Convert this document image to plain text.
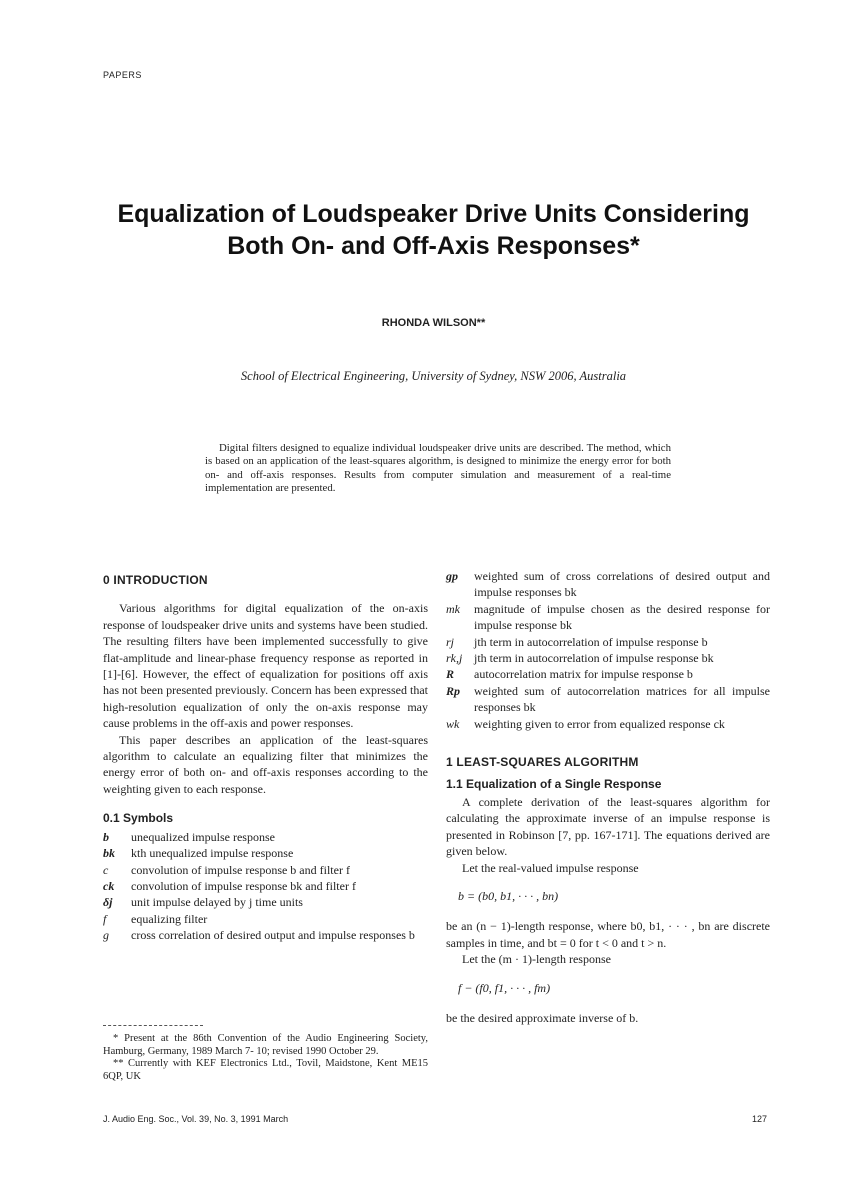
PAPERS
Equalization of Loudspeaker Drive Units Considering
Both On- and Off-Axis Responses*
RHONDA WILSON**
School of Electrical Engineering, University of Sydney, NSW 2006, Australia
Digital filters designed to equalize individual loudspeaker drive units are described. The method, which is based on an application of the least-squares algorithm, is designed to minimize the energy error for both on- and off-axis responses. Results from computer simulation and measurement of a real-time implementation are presented.
0 INTRODUCTION

Various algorithms for digital equalization of the on-axis response of loudspeaker drive units and systems have been studied. The resulting filters have been implemented successfully to give flat-amplitude and linear-phase frequency response as reported in [1]-[6]. However, the effect of equalization for positions off axis has not been presented previously. Concern has been expressed that high-resolution equalization of only the on-axis response may cause problems in the off-axis and power responses.

This paper describes an application of the least-squares algorithm to calculate an equalizing filter that minimizes the energy error of both on- and off-axis responses according to the weighting given to each response.

0.1 Symbols
b	unequalized impulse response
bk	kth unequalized impulse response
c	convolution of impulse response b and filter f
ck	convolution of impulse response bk and filter f
δj	unit impulse delayed by j time units
f	equalizing filter
g	cross correlation of desired output and impulse responses b

* Present at the 86th Convention of the Audio Engineering Society, Hamburg, Germany, 1989 March 7- 10; revised 1990 October 29.

** Currently with KEF Electronics Ltd., Tovil, Maidstone, Kent ME15 6QP, UK

gp	weighted sum of cross correlations of desired output and impulse responses bk
mk	magnitude of impulse chosen as the desired response for impulse response bk
rj	jth term in autocorrelation of impulse response b
rk,j jth term in autocorrelation of impulse response bk
R	autocorrelation matrix for impulse response b
Rp	weighted sum of autocorrelation matrices for all impulse responses bk
wk	weighting given to error from equalized response ck
1 LEAST-SQUARES ALGORITHM
1.1 Equalization of a Single Response

A complete derivation of the least-squares algorithm for calculating the approximate inverse of an impulse response is presented in Robinson [7, pp. 167-171]. The equations derived are given below.

Let the real-valued impulse response

b = (b0, b1, · · · , bn)

be an (n − 1)-length response, where b0, b1, · · · , bn are discrete samples in time, and bt = 0 for t < 0 and t > n.

Let the (m · 1)-length response

f − (f0, f1, · · · , fm)

be the desired approximate inverse of b.

J. Audio Eng. Soc., Vol. 39, No. 3, 1991 March	127
